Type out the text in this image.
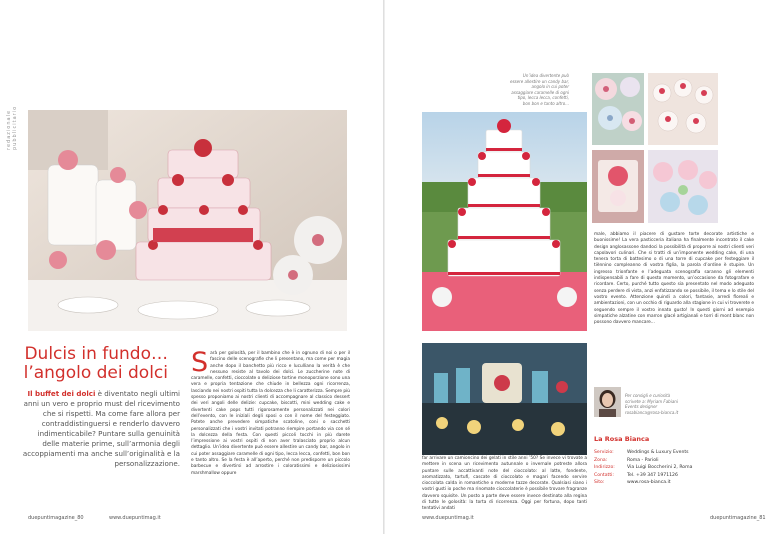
redazionale pubblicitario
Dulcis in fundo…
l’angolo dei dolci
Il buffet dei dolci è diventato negli ultimi anni un vero e proprio must del ricevimento che si rispetti. Ma come fare allora per contraddistinguersi e renderlo davvero indimenticabile? Puntare sulla genuinità delle materie prime, sull’armonia degli accoppiamenti ma anche sull’originalità e la personalizzazione.
Sarà per golosità, per il bambino che è in ognuno di noi o per il fascino delle scenografie che li presentano, ma come per magia anche dopo il banchetto più ricco e luculliano la verità è che nessuno resiste al tavolo dei dolci. Le zuccherine note di caramelle, confetti, cioccolate o deliziose tortine monoporzione sono una vera e propria tentazione che chiude in bellezza ogni ricorrenza, lasciando nei nostri ospiti tutta la dolcezza che li caratterizza. Sempre più spesso proponiamo ai nostri clienti di accompagnare al classico dessert dei veri angoli delle delizie: cupcake, biscotti, mini wedding cake e divertenti cake pops tutti rigorosamente personalizzati nei colori dell’evento, con le iniziali degli sposi o con il nome del festeggiato. Potete anche prevedere simpatiche scatoline, coni o sacchetti personalizzati che i vostri invitati potranno riempire portando via con sé la dolcezza della festa. Con questi piccoli tocchi in più darete l’impressione ai vostri ospiti di non aver tralasciato proprio alcun dettaglio. Un’idea divertente può essere allestire un candy bar, angolo in cui poter assaggiare caramelle di ogni tipo, lecca lecca, confetti, bon bon e tanto altro. Se la festa è all’aperto, perché non predisporre un piccolo barbecue e divertirsi ad arrostire i coloratissimi e deliziosissimi marshmallow oppure
duepuntimagazine_80	www.duepuntimag.it
Un’idea divertente può essere allestire un candy bar, angolo in cui poter assaggiare caramelle di ogni tipo, lecca lecca, confetti, bon bon e tanto altro...
male, abbiamo il piacere di gustare torte decorate artistiche e buonissime! La vera pasticceria italiana ha finalmente incontrato il cake design anglosassone dandoci la possibilità di proporre ai nostri clienti veri capolavori culinari. Che si tratti di un’imponente wedding cake, di una tenera torta di battesimo o di una torre di cupcake per festeggiare il tiènnino compleanno di vostra figlia, la parola d’ordine è stupire. Un ingresso trionfante e l’adeguata scenografia saranno gli elementi indispensabili a fare di questo momento, un’occasione da fotografare e ricordare. Certo, purché tutto questo sia presentato nel modo adeguato senza perdere di vista, anzi enfatizzando se possibile, il tema e lo stile del vostro evento. Attenzione quindi a colori, fantasie, arredi floreali e ambientazioni, con un occhio di riguardo alla stagione in cui vi troverete e seguendo sempre il vostro innato gusto! In questi giorni ad esempio simpatiche alzatine con marron glacé artigianali e torri di mont blanc non possono davvero mancare...
far arrivare un camioncino dei gelati in stile anni ’50? Se invece vi trovate a mettere in scena un ricevimento autunnale o invernale potreste allora puntare sulle accattivanti note del cioccolato: al latte, fondente, aromatizzato, tartufi, cascate di cioccolato e magari facendo servire cioccolata calda in romantiche o moderne tazze decorate. Qualsiasi siano i vostri gusti io poche ma rinomate cioccolaterie è possibile trovare fragranze davvero squisite. Un posto a parte deve essere invece destinato alla regina di tutte le golosità: la torta di ricorrenza. Oggi per fortuna, dopo tanti tentativi andati
Per consigli e curiosità scrivete a: Myriam Fabiani Events designer rosabianca@rosa-bianca.it
La Rosa Bianca
Servizio:	Weddings & Luxury Events
Zona:	Roma - Parioli
Indirizzo:	Via Luigi Boccherini 2, Roma
Contatti:	Tel. +39 347 1971126
Sito:	www.rosa-bianca.it
www.duepuntimag.it	duepuntimagazine_81
